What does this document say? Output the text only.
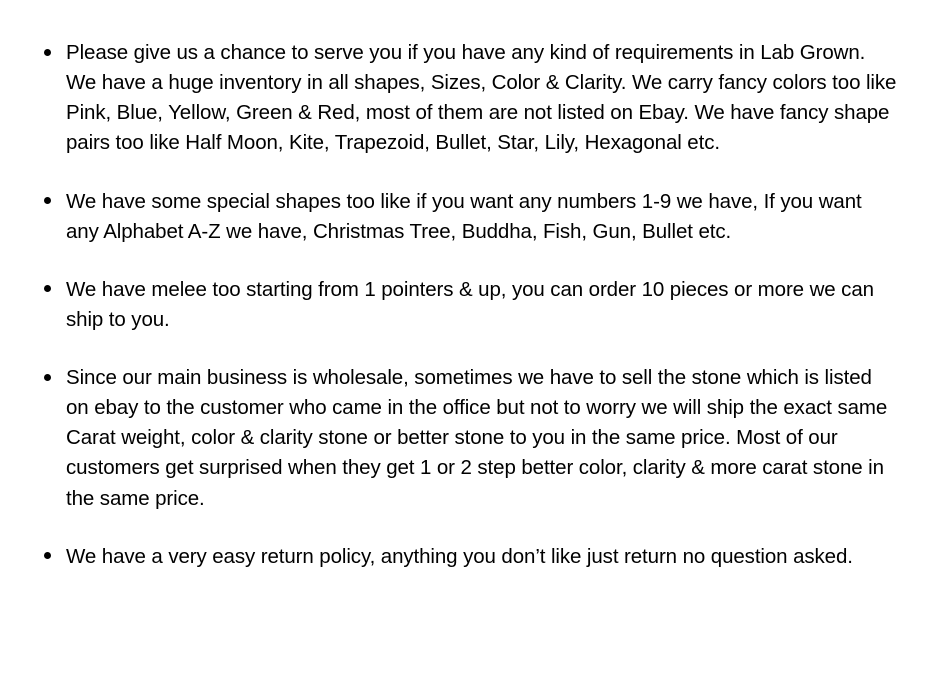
Please give us a chance to serve you if you have any kind of requirements in Lab Grown. We have a huge inventory in all shapes, Sizes, Color & Clarity. We carry fancy colors too like Pink, Blue, Yellow, Green & Red, most of them are not listed on Ebay. We have fancy shape pairs too like Half Moon, Kite, Trapezoid, Bullet, Star, Lily, Hexagonal etc.
We have some special shapes too like if you want any numbers 1-9 we have, If you want any Alphabet A-Z we have, Christmas Tree, Buddha, Fish, Gun, Bullet etc.
We have melee too starting from 1 pointers & up, you can order 10 pieces or more we can ship to you.
Since our main business is wholesale, sometimes we have to sell the stone which is listed on ebay to the customer who came in the office but not to worry we will ship the exact same Carat weight, color & clarity stone or better stone to you in the same price. Most of our customers get surprised when they get 1 or 2 step better color, clarity & more carat stone in the same price.
We have a very easy return policy, anything you don’t like just return no question asked.
